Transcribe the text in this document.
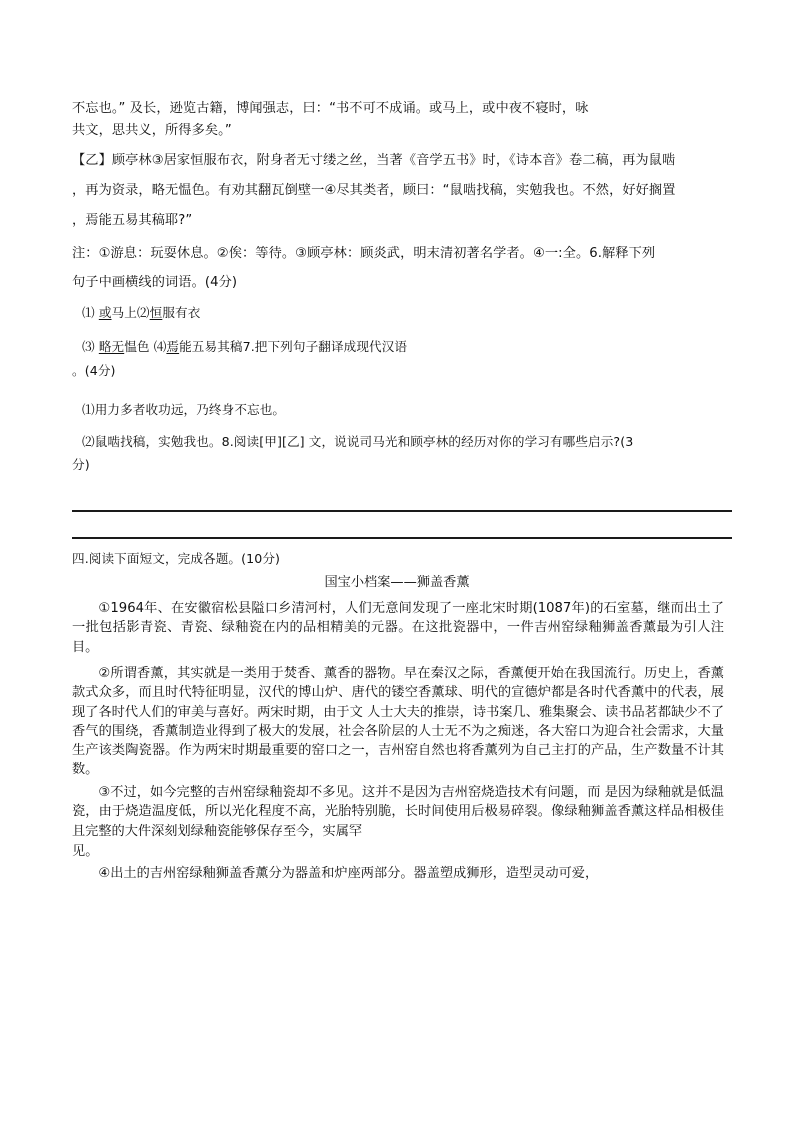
不忘也。” 及长，逊览古籍，博闻强志，曰：“书不可不成诵。或马上，或中夜不寝时，咏
共文，思共义，所得多矣。”
【乙】顾亭林③居家恒服布衣，附身者无寸缕之丝，当著《音学五书》时，《诗本音》卷二稿，再为鼠啮
，再为资录，略无愠色。有劝其翻瓦倒壁一④尽其类者，顾曰：“鼠啮找稿，实勉我也。不然，好好搁置
，焉能五易其稿耶?”
注：①游息：玩耍休息。②俟：等待。③顾亭林：顾炎武，明末清初著名学者。④一:全。6.解释下列
句子中画横线的词语。(4分)
⑴ 或马上⑵恒服有衣
⑶ 略无愠色 ⑷焉能五易其稿7.把下列句子翻译成现代汉语
。(4分)
⑴用力多者收功远，乃终身不忘也。
⑵鼠啮找稿，实勉我也。8.阅读[甲][乙] 文，说说司马光和顾亭林的经历对你的学习有哪些启示?(3
分)
四.阅读下面短文，完成各题。(10分)
国宝小档案——狮盖香薰
①1964年、在安徽宿松县隘口乡清河村，人们无意间发现了一座北宋时期(1087年)的石室墓，继而出土了一批包括影青瓷、青瓷、绿釉瓷在内的品相精美的元器。在这批瓷器中，一件吉州窑绿釉狮盖香薰最为引人注目。
②所谓香薰，其实就是一类用于焚香、薰香的器物。早在秦汉之际，香薰便开始在我国流行。历史上，香薰款式众多，而且时代特征明显，汉代的博山炉、唐代的镂空香薰球、明代的宣德炉都是各时代香薰中的代表，展现了各时代人们的审美与喜好。两宋时期，由于文 人士大夫的推崇，诗书案几、雅集聚会、读书品茗都缺少不了香气的围绕，香薰制造业得到了极大的发展，社会各阶层的人士无不为之痴迷，各大窑口为迎合社会需求，大量生产该类陶瓷器。作为两宋时期最重要的窑口之一，吉州窑自然也将香薰列为自己主打的产品，生产数量不计其数。
③不过，如今完整的吉州窑绿釉瓷却不多见。这并不是因为吉州窑烧造技术有问题，而 是因为绿釉就是低温瓷，由于烧造温度低，所以光化程度不高，光胎特别脆，长时间使用后极易碎裂。像绿釉狮盖香薰这样品相极佳且完整的大件深刻划绿釉瓷能够保存至今，实属罕
见。
④出土的吉州窑绿釉狮盖香薰分为器盖和炉座两部分。器盖塑成狮形，造型灵动可爱，
